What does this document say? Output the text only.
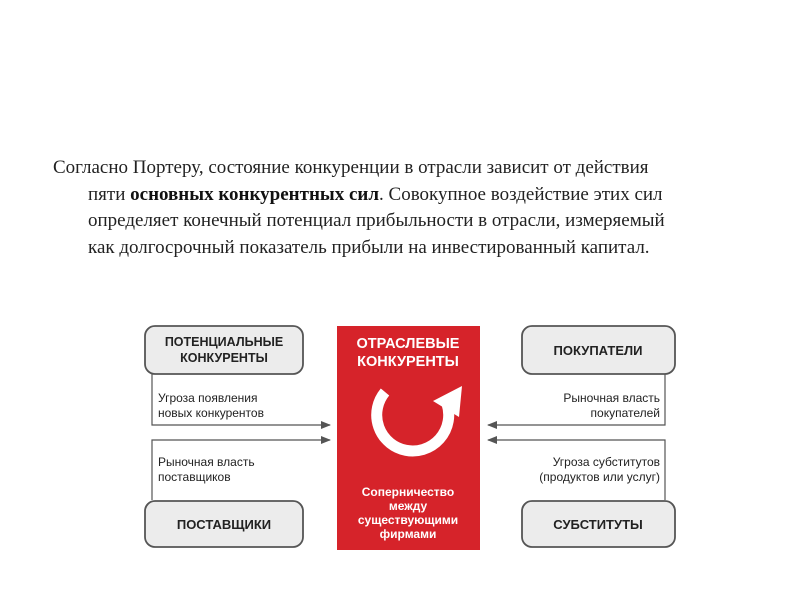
Согласно Портеру, состояние конкуренции в отрасли зависит от действия
пяти основных конкурентных сил. Совокупное воздействие этих сил
определяет конечный потенциал прибыльности в отрасли, измеряемый
как долгосрочный показатель прибыли на инвестированный капитал.
ПОТЕНЦИАЛЬНЫЕ
КОНКУРЕНТЫ
Угроза появления
новых конкурентов
Рыночная власть
поставщиков
ПОСТАВЩИКИ
ПОКУПАТЕЛИ
Рыночная власть
покупателей
Угроза субститутов
(продуктов или услуг)
СУБСТИТУТЫ
ОТРАСЛЕВЫЕ
КОНКУРЕНТЫ
Соперничество
между
существующими
фирмами
